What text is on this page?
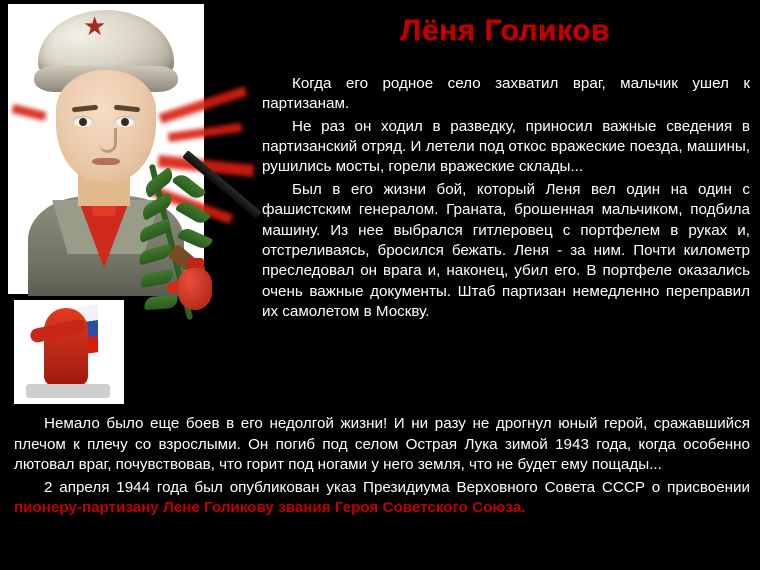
Лёня Голиков

Когда его родное село захватил враг, мальчик ушел к партизанам.

Не раз он ходил в разведку, приносил важные сведения в партизанский отряд. И летели под откос вражеские поезда, машины, рушились мосты, горели вражеские склады...

Был в его жизни бой, который Леня вел один на один с фашистским генералом. Граната, брошенная мальчиком, подбила машину. Из нее выбрался гитлеровец с портфелем в руках и, отстреливаясь, бросился бежать. Леня - за ним. Почти километр преследовал он врага и, наконец, убил его. В портфеле оказались очень важные документы. Штаб партизан немедленно переправил их самолетом в Москву.

Немало было еще боев в его недолгой жизни! И ни разу не дрогнул юный герой, сражавшийся плечом к плечу со взрослыми. Он погиб под селом Острая Лука зимой 1943 года, когда особенно лютовал враг, почувствовав, что горит под ногами у него земля, что не будет ему пощады...

2 апреля 1944 года был опубликован указ Президиума Верховного Совета СССР о присвоении пионеру-партизану Лене Голикову звания Героя Советского Союза.
